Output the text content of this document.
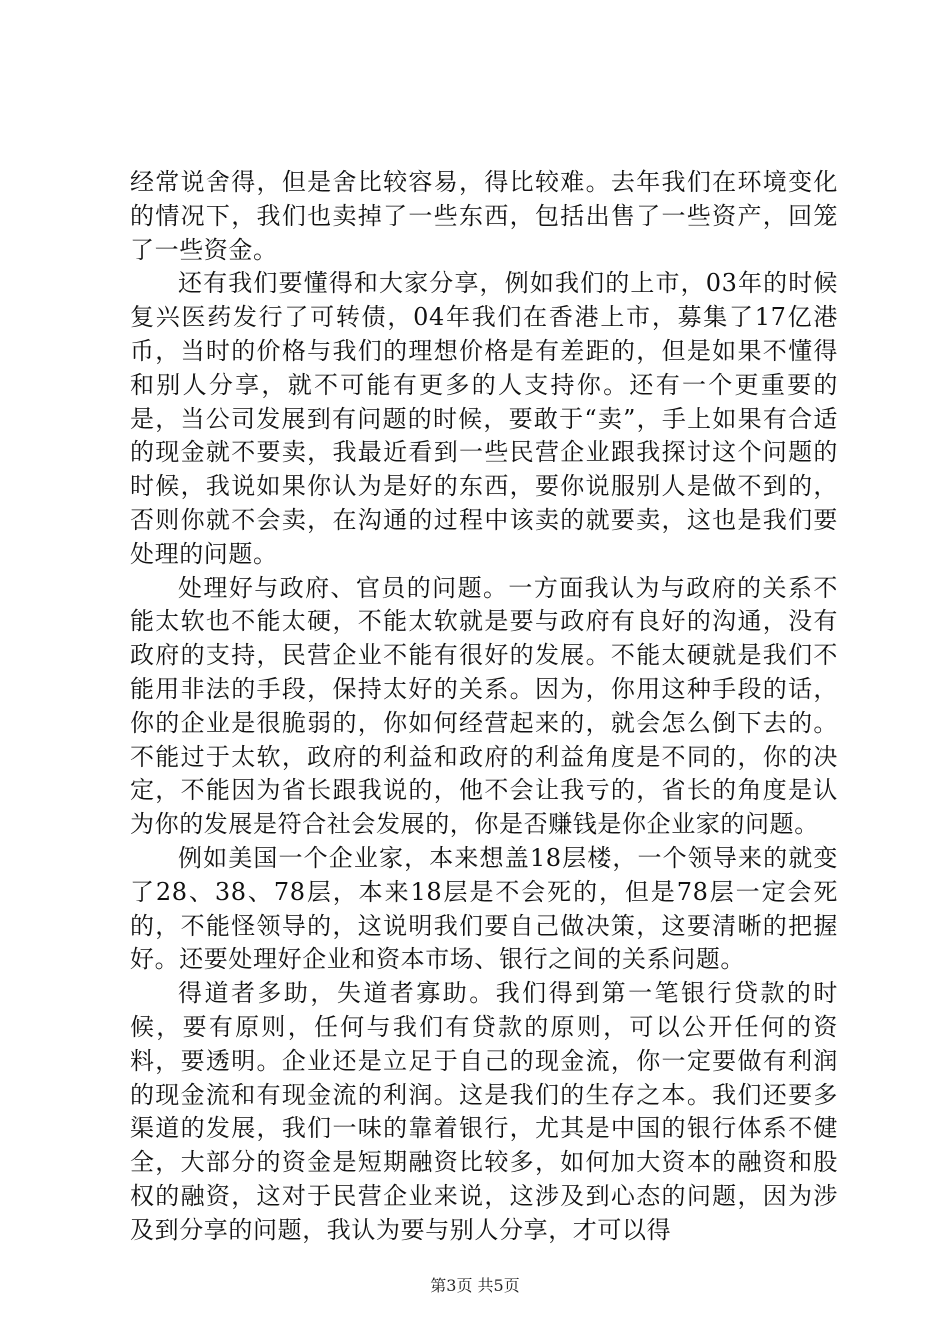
经常说舍得，但是舍比较容易，得比较难。去年我们在环境变化的情况下，我们也卖掉了一些东西，包括出售了一些资产，回笼了一些资金。

还有我们要懂得和大家分享，例如我们的上市，03年的时候复兴医药发行了可转债，04年我们在香港上市，募集了17亿港币，当时的价格与我们的理想价格是有差距的，但是如果不懂得和别人分享，就不可能有更多的人支持你。还有一个更重要的是，当公司发展到有问题的时候，要敢于“卖”，手上如果有合适的现金就不要卖，我最近看到一些民营企业跟我探讨这个问题的时候，我说如果你认为是好的东西，要你说服别人是做不到的，否则你就不会卖，在沟通的过程中该卖的就要卖，这也是我们要处理的问题。

处理好与政府、官员的问题。一方面我认为与政府的关系不能太软也不能太硬，不能太软就是要与政府有良好的沟通，没有政府的支持，民营企业不能有很好的发展。不能太硬就是我们不能用非法的手段，保持太好的关系。因为，你用这种手段的话，你的企业是很脆弱的，你如何经营起来的，就会怎么倒下去的。不能过于太软，政府的利益和政府的利益角度是不同的，你的决定，不能因为省长跟我说的，他不会让我亏的，省长的角度是认为你的发展是符合社会发展的，你是否赚钱是你企业家的问题。

例如美国一个企业家，本来想盖18层楼，一个领导来的就变了28、38、78层，本来18层是不会死的，但是78层一定会死的，不能怪领导的，这说明我们要自己做决策，这要清晰的把握好。还要处理好企业和资本市场、银行之间的关系问题。

得道者多助，失道者寡助。我们得到第一笔银行贷款的时候，要有原则，任何与我们有贷款的原则，可以公开任何的资料，要透明。企业还是立足于自己的现金流，你一定要做有利润的现金流和有现金流的利润。这是我们的生存之本。我们还要多渠道的发展，我们一味的靠着银行，尤其是中国的银行体系不健全，大部分的资金是短期融资比较多，如何加大资本的融资和股权的融资，这对于民营企业来说，这涉及到心态的问题，因为涉及到分享的问题，我认为要与别人分享，才可以得

第3页 共5页
